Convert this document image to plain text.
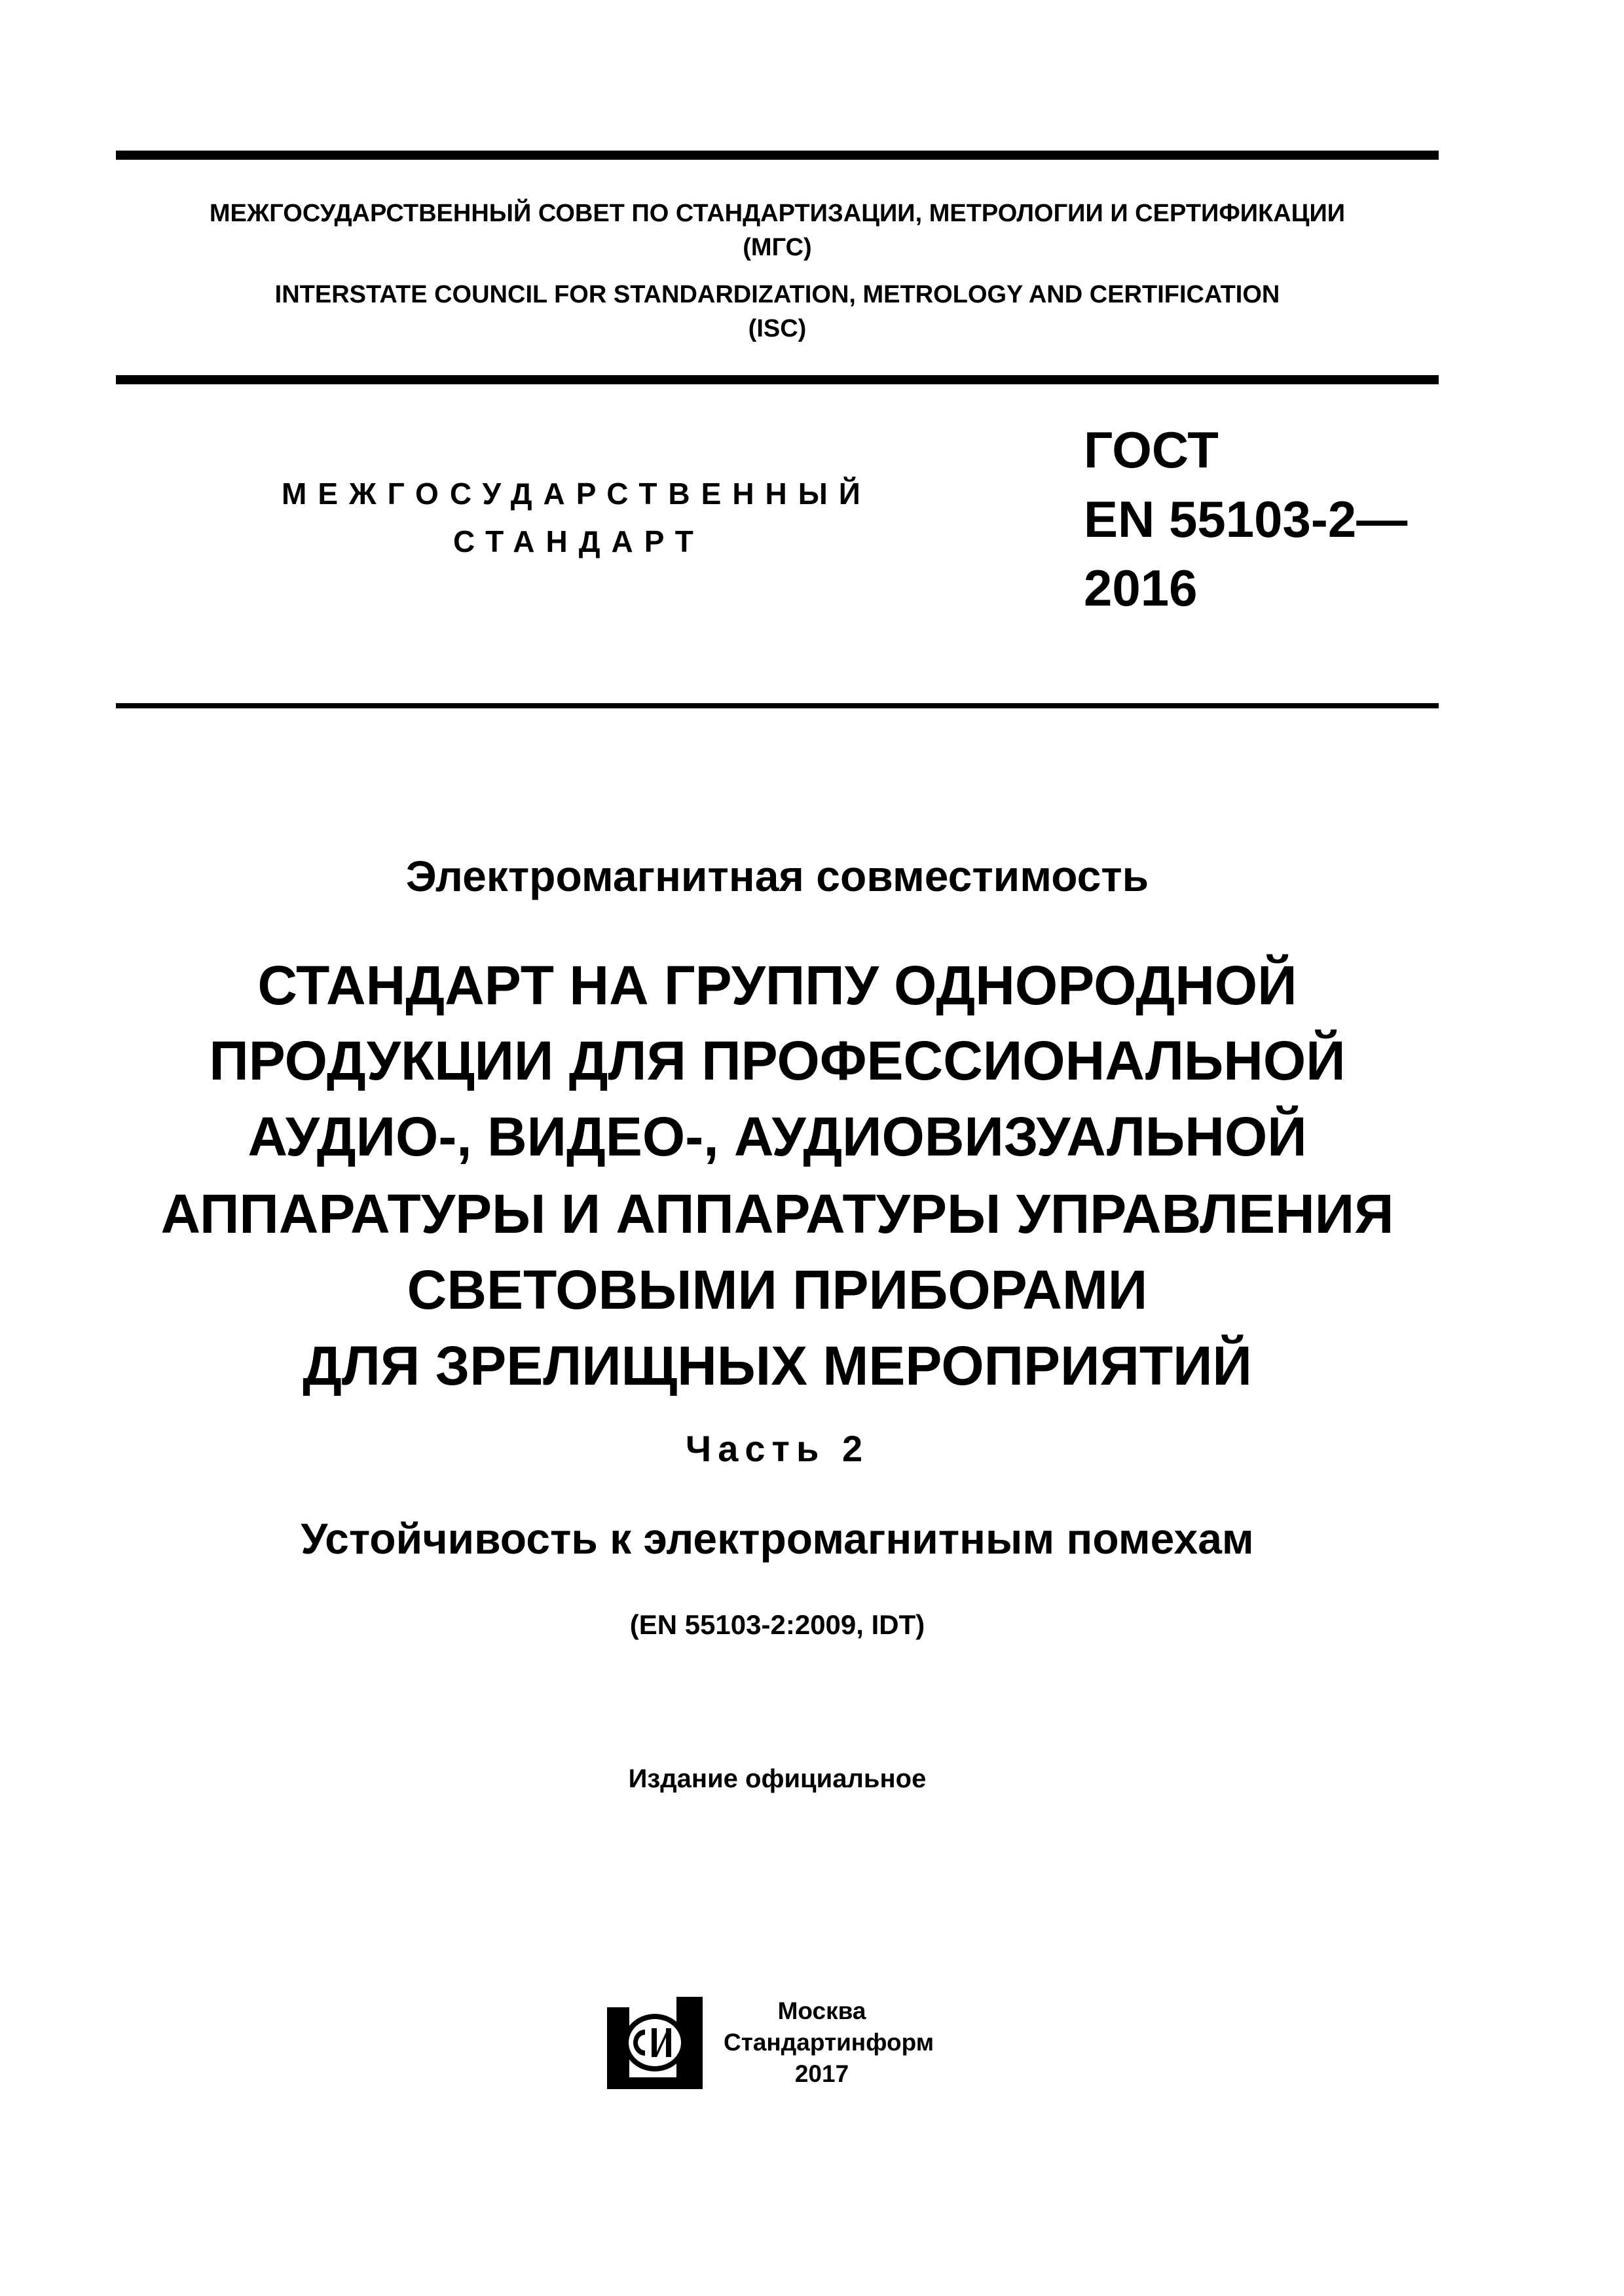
МЕЖГОСУДАРСТВЕННЫЙ СОВЕТ ПО СТАНДАРТИЗАЦИИ, МЕТРОЛОГИИ И СЕРТИФИКАЦИИ
(МГС)
INTERSTATE COUNCIL FOR STANDARDIZATION, METROLOGY AND CERTIFICATION
(ISC)
МЕЖГОСУДАРСТВЕННЫЙ
СТАНДАРТ
ГОСТ
EN 55103-2—
2016
Электромагнитная совместимость
СТАНДАРТ НА ГРУППУ ОДНОРОДНОЙ
ПРОДУКЦИИ ДЛЯ ПРОФЕССИОНАЛЬНОЙ
АУДИО-, ВИДЕО-, АУДИОВИЗУАЛЬНОЙ
АППАРАТУРЫ И АППАРАТУРЫ УПРАВЛЕНИЯ
СВЕТОВЫМИ ПРИБОРАМИ
ДЛЯ ЗРЕЛИЩНЫХ МЕРОПРИЯТИЙ
Часть 2
Устойчивость к электромагнитным помехам
(EN 55103-2:2009, IDT)
Издание официальное
Москва
Стандартинформ
2017
